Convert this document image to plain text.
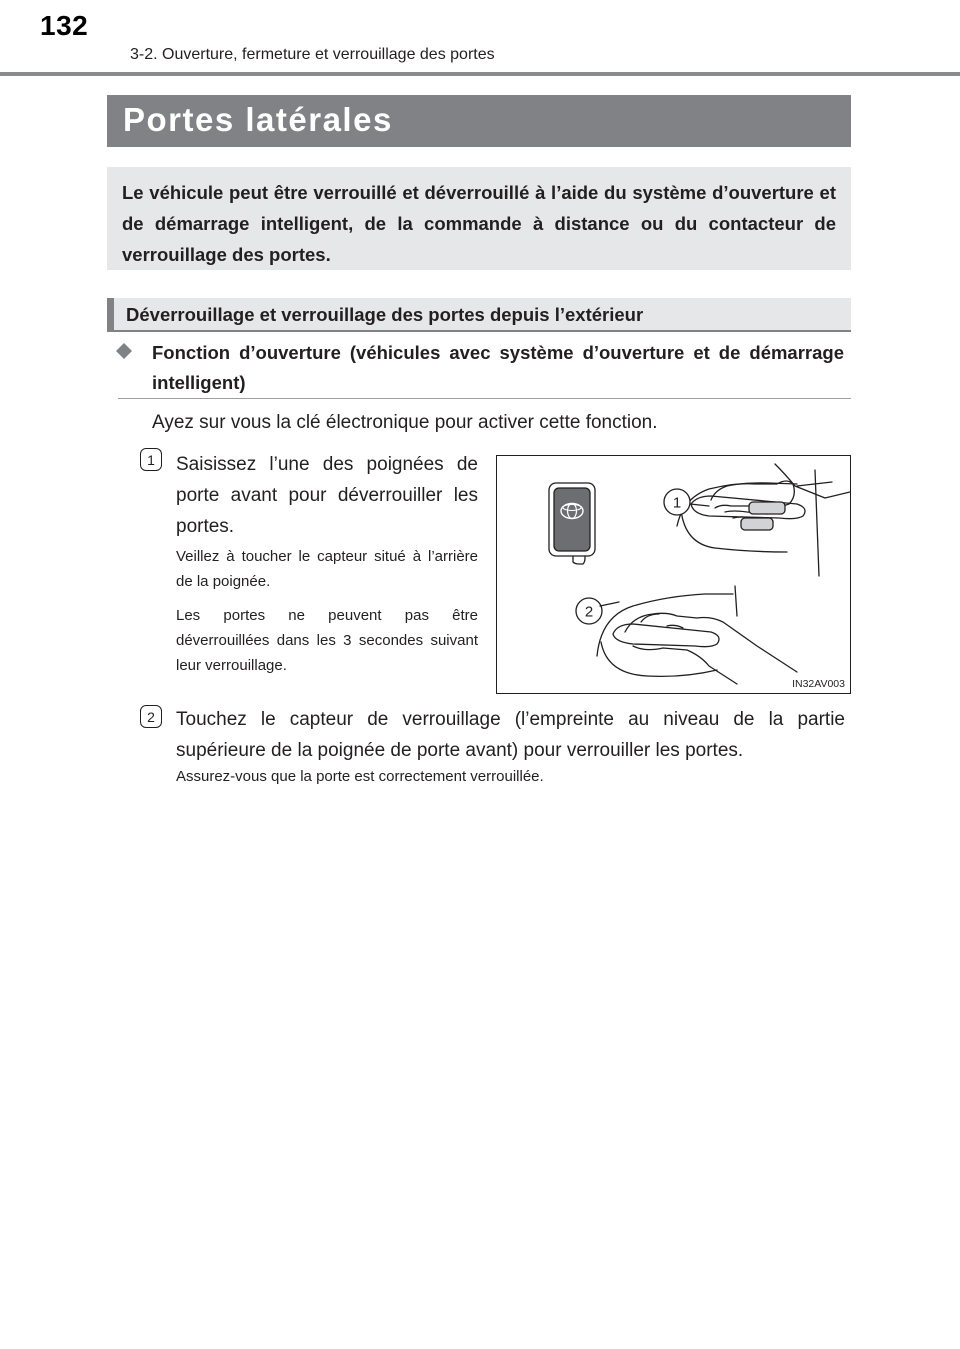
132
3-2. Ouverture, fermeture et verrouillage des portes
Portes latérales
Le véhicule peut être verrouillé et déverrouillé à l’aide du système d’ouverture et de démarrage intelligent, de la commande à distance ou du contacteur de verrouillage des portes.
Déverrouillage et verrouillage des portes depuis l’extérieur
Fonction d’ouverture (véhicules avec système d’ouverture et de démarrage intelligent)
Ayez sur vous la clé électronique pour activer cette fonction.
1	Saisissez l’une des poignées de porte avant pour déverrouiller les portes.
Veillez à toucher le capteur situé à l’arrière de la poignée.
Les portes ne peuvent pas être déverrouillées dans les 3 secondes suivant leur verrouillage.
1
2
IN32AV003
2	Touchez le capteur de verrouillage (l’empreinte au niveau de la partie supérieure de la poignée de porte avant) pour verrouiller les portes.
Assurez-vous que la porte est correctement verrouillée.
